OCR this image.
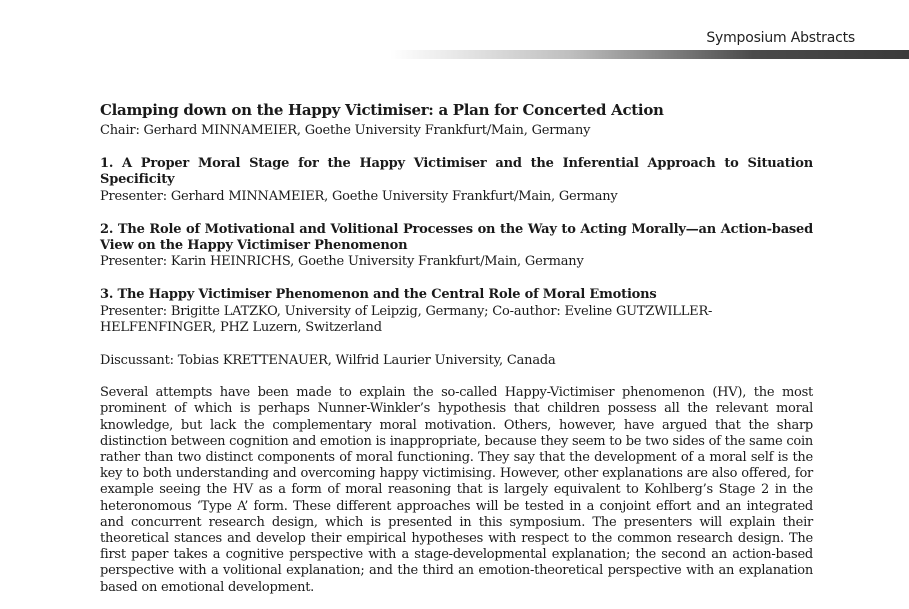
Symposium Abstracts
Clamping down on the Happy Victimiser: a Plan for Concerted Action

Chair: Gerhard MINNAMEIER, Goethe University Frankfurt/Main, Germany

1. A Proper Moral Stage for the Happy Victimiser and the Inferential Approach to Situation Specificity

Presenter: Gerhard MINNAMEIER, Goethe University Frankfurt/Main, Germany

2. The Role of Motivational and Volitional Processes on the Way to Acting Morally—an Action-based View on the Happy Victimiser Phenomenon

Presenter: Karin HEINRICHS, Goethe University Frankfurt/Main, Germany

3. The Happy Victimiser Phenomenon and the Central Role of Moral Emotions

Presenter: Brigitte LATZKO, University of Leipzig, Germany; Co-author: Eveline GUTZWILLER-HELFENFINGER, PHZ Luzern, Switzerland

Discussant: Tobias KRETTENAUER, Wilfrid Laurier University, Canada

Several attempts have been made to explain the so-called Happy-Victimiser phenomenon (HV), the most prominent of which is perhaps Nunner-Winkler’s hypothesis that children possess all the relevant moral knowledge, but lack the complementary moral motivation. Others, however, have argued that the sharp distinction between cognition and emotion is inappropriate, because they seem to be two sides of the same coin rather than two distinct components of moral functioning. They say that the development of a moral self is the key to both understanding and overcoming happy victimising. However, other explanations are also offered, for example seeing the HV as a form of moral reasoning that is largely equivalent to Kohlberg’s Stage 2 in the heteronomous ‘Type A’ form. These different approaches will be tested in a conjoint effort and an integrated and concurrent research design, which is presented in this symposium. The presenters will explain their theoretical stances and develop their empirical hypotheses with respect to the common research design. The first paper takes a cognitive perspective with a stage-developmental explanation; the second an action-based perspective with a volitional explanation; and the third an emotion-theoretical perspective with an explanation based on emotional development.
